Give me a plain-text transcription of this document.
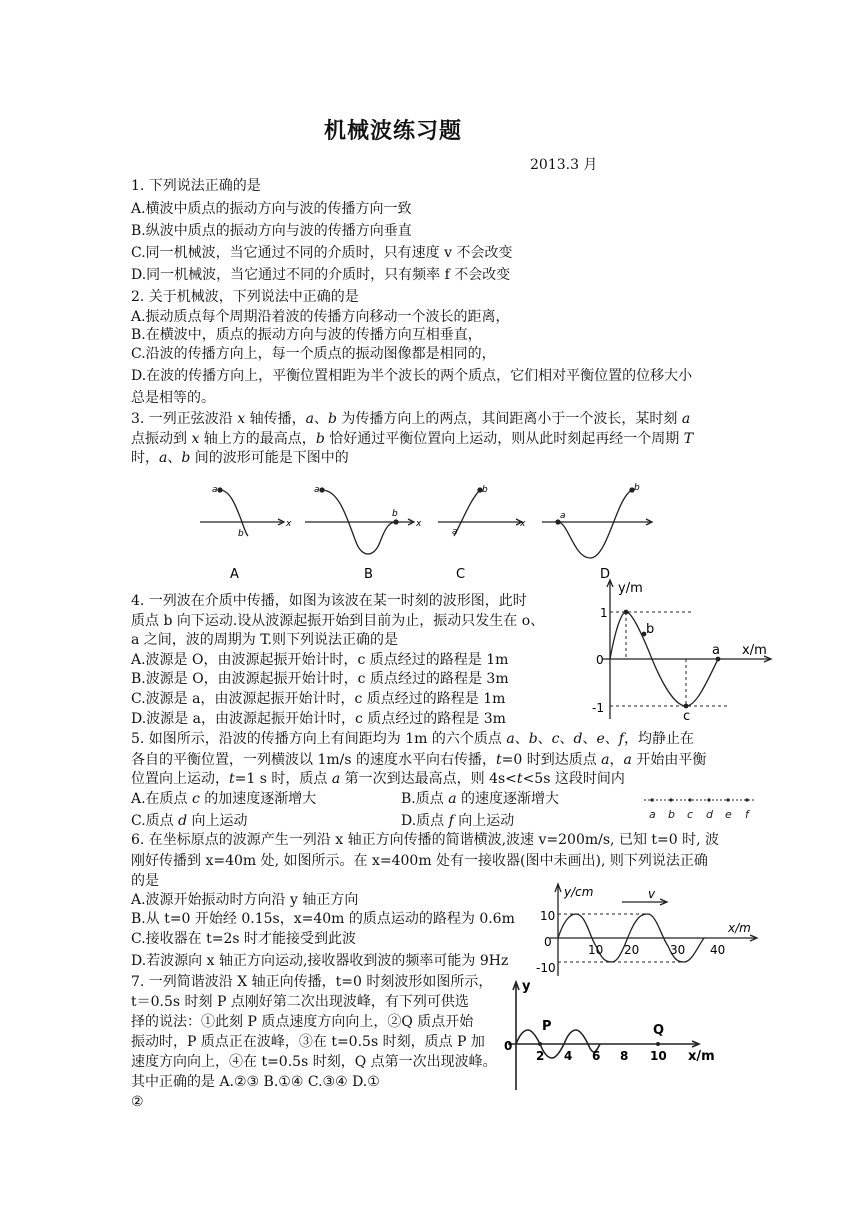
机械波练习题
2013.3 月
1. 下列说法正确的是
A.横波中质点的振动方向与波的传播方向一致
B.纵波中质点的振动方向与波的传播方向垂直
C.同一机械波，当它通过不同的介质时，只有速度 v 不会改变
D.同一机械波，当它通过不同的介质时，只有频率 f 不会改变
2. 关于机械波，下列说法中正确的是
A.振动质点每个周期沿着波的传播方向移动一个波长的距离，
B.在横波中，质点的振动方向与波的传播方向互相垂直，
C.沿波的传播方向上，每一个质点的振动图像都是相同的，
D.在波的传播方向上，平衡位置相距为半个波长的两个质点，它们相对平衡位置的位移大小
总是相等的。
3. 一列正弦波沿 x 轴传播，a、b 为传播方向上的两点，其间距离小于一个波长，某时刻 a
点振动到 x 轴上方的最高点，b 恰好通过平衡位置向上运动，则从此时刻起再经一个周期 T
时，a、b 间的波形可能是下图中的
x
a
b
A
x
a
b
B
x
a
b
C
a
b
D
4. 一列波在介质中传播，如图为该波在某一时刻的波形图，此时
质点 b 向下运动.设从波源起振开始到目前为止，振动只发生在 o、
a 之间，波的周期为 T.则下列说法正确的是
A.波源是 O，由波源起振开始计时，c 质点经过的路程是 1m
B.波源是 O，由波源起振开始计时，c 质点经过的路程是 3m
C.波源是 a，由波源起振开始计时，c 质点经过的路程是 1m
D.波源是 a，由波源起振开始计时，c 质点经过的路程是 3m
y/m
x/m
0
1
-1
b
a
c
5. 如图所示，沿波的传播方向上有间距均为 1m 的六个质点 a、b、c、d、e、f，均静止在
各自的平衡位置，一列横波以 1m/s 的速度水平向右传播，t=0 时到达质点 a，a 开始由平衡
位置向上运动，t=1 s 时，质点 a 第一次到达最高点，则 4s<t<5s 这段时间内
A.在质点 c 的加速度逐渐增大	B.质点 a 的速度逐渐增大
C.质点 d 向上运动	D.质点 f 向上运动	a b c d e f
6. 在坐标原点的波源产生一列沿 x 轴正方向传播的简谐横波,波速 v=200m/s, 已知 t=0 时, 波
刚好传播到 x=40m 处, 如图所示。在 x=400m 处有一接收器(图中未画出), 则下列说法正确
的是
A.波源开始振动时方向沿 y 轴正方向
B.从 t=0 开始经 0.15s，x=40m 的质点运动的路程为 0.6m
C.接收器在 t=2s 时才能接受到此波
D.若波源向 x 轴正方向运动,接收器收到波的频率可能为 9Hz
y/cm
x/m
v
10
0
-10
10 20	30 40
7. 一列简谐波沿 X 轴正向传播，t=0 时刻波形如图所示，
t＝0.5s 时刻 P 点刚好第二次出现波峰，有下列可供选
择的说法：①此刻 P 质点速度方向向上，②Q 质点开始
振动时，P 质点正在波峰，③在 t=0.5s 时刻，质点 P 加
速度方向向上，④在 t=0.5s 时刻，Q 点第一次出现波峰。
其中正确的是 A.②③ B.①④ C.③④ D.①
②
y
x/m
P	Q
0
2 4 6 8 10
